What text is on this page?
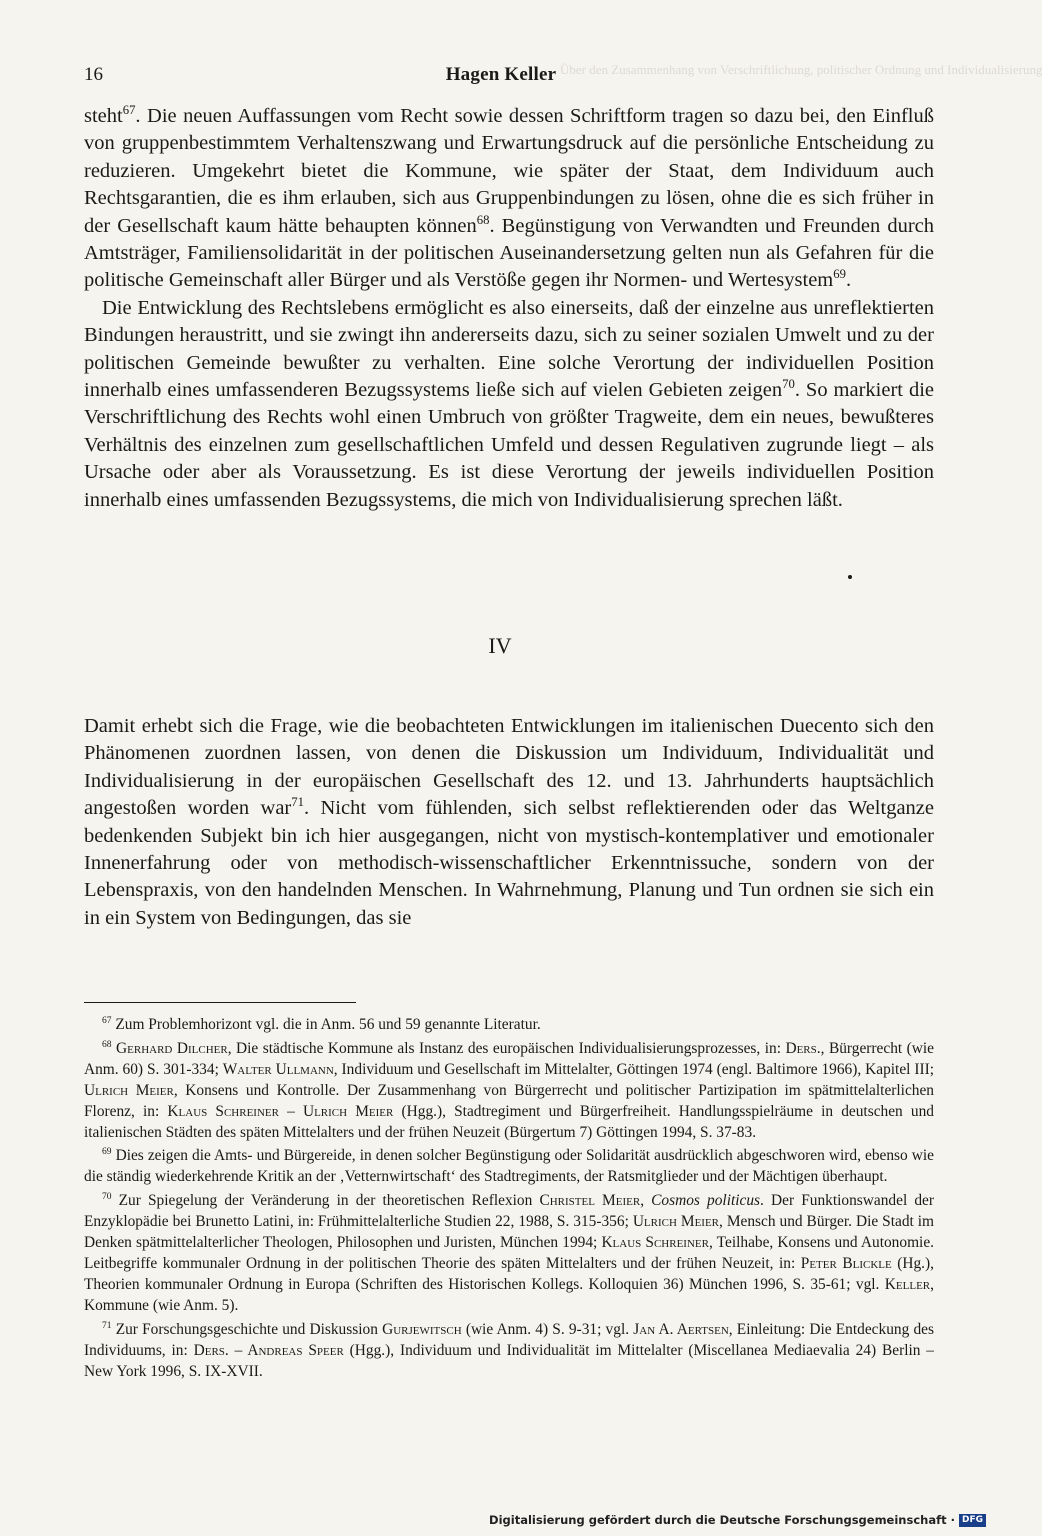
Über den Zusammenhang von Verschriftlichung, politischer Ordnung und Individualisierung
16	Hagen Keller

steht$^{67}$. Die neuen Auffassungen vom Recht sowie dessen Schriftform tragen so dazu bei, den Einfluß von gruppenbestimmtem Verhaltenszwang und Erwartungsdruck auf die persönliche Entscheidung zu reduzieren. Umgekehrt bietet die Kommune, wie später der Staat, dem Individuum auch Rechtsgarantien, die es ihm erlauben, sich aus Gruppenbindungen zu lösen, ohne die es sich früher in der Gesellschaft kaum hätte behaupten können$^{68}$. Begünstigung von Verwandten und Freunden durch Amtsträger, Familiensolidarität in der politischen Auseinandersetzung gelten nun als Gefahren für die politische Gemeinschaft aller Bürger und als Verstöße gegen ihr Normen- und Wertesystem$^{69}$.

Die Entwicklung des Rechtslebens ermöglicht es also einerseits, daß der einzelne aus unreflektierten Bindungen heraustritt, und sie zwingt ihn andererseits dazu, sich zu seiner sozialen Umwelt und zu der politischen Gemeinde bewußter zu verhalten. Eine solche Verortung der individuellen Position innerhalb eines umfassenderen Bezugssystems ließe sich auf vielen Gebieten zeigen$^{70}$. So markiert die Verschriftlichung des Rechts wohl einen Umbruch von größter Tragweite, dem ein neues, bewußteres Verhältnis des einzelnen zum gesellschaftlichen Umfeld und dessen Regulativen zugrunde liegt – als Ursache oder aber als Voraussetzung. Es ist diese Verortung der jeweils individuellen Position innerhalb eines umfassenden Bezugssystems, die mich von Individualisierung sprechen läßt.

IV

Damit erhebt sich die Frage, wie die beobachteten Entwicklungen im italienischen Duecento sich den Phänomenen zuordnen lassen, von denen die Diskussion um Individuum, Individualität und Individualisierung in der europäischen Gesellschaft des 12. und 13. Jahrhunderts hauptsächlich angestoßen worden war$^{71}$. Nicht vom fühlenden, sich selbst reflektierenden oder das Weltganze bedenkenden Subjekt bin ich hier ausgegangen, nicht von mystisch-kontemplativer und emotionaler Innenerfahrung oder von methodisch-wissenschaftlicher Erkenntnissuche, sondern von der Lebenspraxis, von den handelnden Menschen. In Wahrnehmung, Planung und Tun ordnen sie sich ein in ein System von Bedingungen, das sie

$^{67}$ Zum Problemhorizont vgl. die in Anm. 56 und 59 genannte Literatur.

$^{68}$ Gerhard Dilcher, Die städtische Kommune als Instanz des europäischen Individualisierungsprozesses, in: Ders., Bürgerrecht (wie Anm. 60) S. 301-334; Walter Ullmann, Individuum und Gesellschaft im Mittelalter, Göttingen 1974 (engl. Baltimore 1966), Kapitel III; Ulrich Meier, Konsens und Kontrolle. Der Zusammenhang von Bürgerrecht und politischer Partizipation im spätmittelalterlichen Florenz, in: Klaus Schreiner – Ulrich Meier (Hgg.), Stadtregiment und Bürgerfreiheit. Handlungsspielräume in deutschen und italienischen Städten des späten Mittelalters und der frühen Neuzeit (Bürgertum 7) Göttingen 1994, S. 37-83.

$^{69}$ Dies zeigen die Amts- und Bürgereide, in denen solcher Begünstigung oder Solidarität ausdrücklich abgeschworen wird, ebenso wie die ständig wiederkehrende Kritik an der ‚Vetternwirtschaft‘ des Stadtregiments, der Ratsmitglieder und der Mächtigen überhaupt.

$^{70}$ Zur Spiegelung der Veränderung in der theoretischen Reflexion Christel Meier, Cosmos politicus. Der Funktionswandel der Enzyklopädie bei Brunetto Latini, in: Frühmittelalterliche Studien 22, 1988, S. 315-356; Ulrich Meier, Mensch und Bürger. Die Stadt im Denken spätmittelalterlicher Theologen, Philosophen und Juristen, München 1994; Klaus Schreiner, Teilhabe, Konsens und Autonomie. Leitbegriffe kommunaler Ordnung in der politischen Theorie des späten Mittelalters und der frühen Neuzeit, in: Peter Blickle (Hg.), Theorien kommunaler Ordnung in Europa (Schriften des Historischen Kollegs. Kolloquien 36) München 1996, S. 35-61; vgl. Keller, Kommune (wie Anm. 5).

$^{71}$ Zur Forschungsgeschichte und Diskussion Gurjewitsch (wie Anm. 4) S. 9-31; vgl. Jan A. Aertsen, Einleitung: Die Entdeckung des Individuums, in: Ders. – Andreas Speer (Hgg.), Individuum und Individualität im Mittelalter (Miscellanea Mediaevalia 24) Berlin – New York 1996, S. IX-XVII.

Digitalisierung gefördert durch die Deutsche Forschungsgemeinschaft · DFG
